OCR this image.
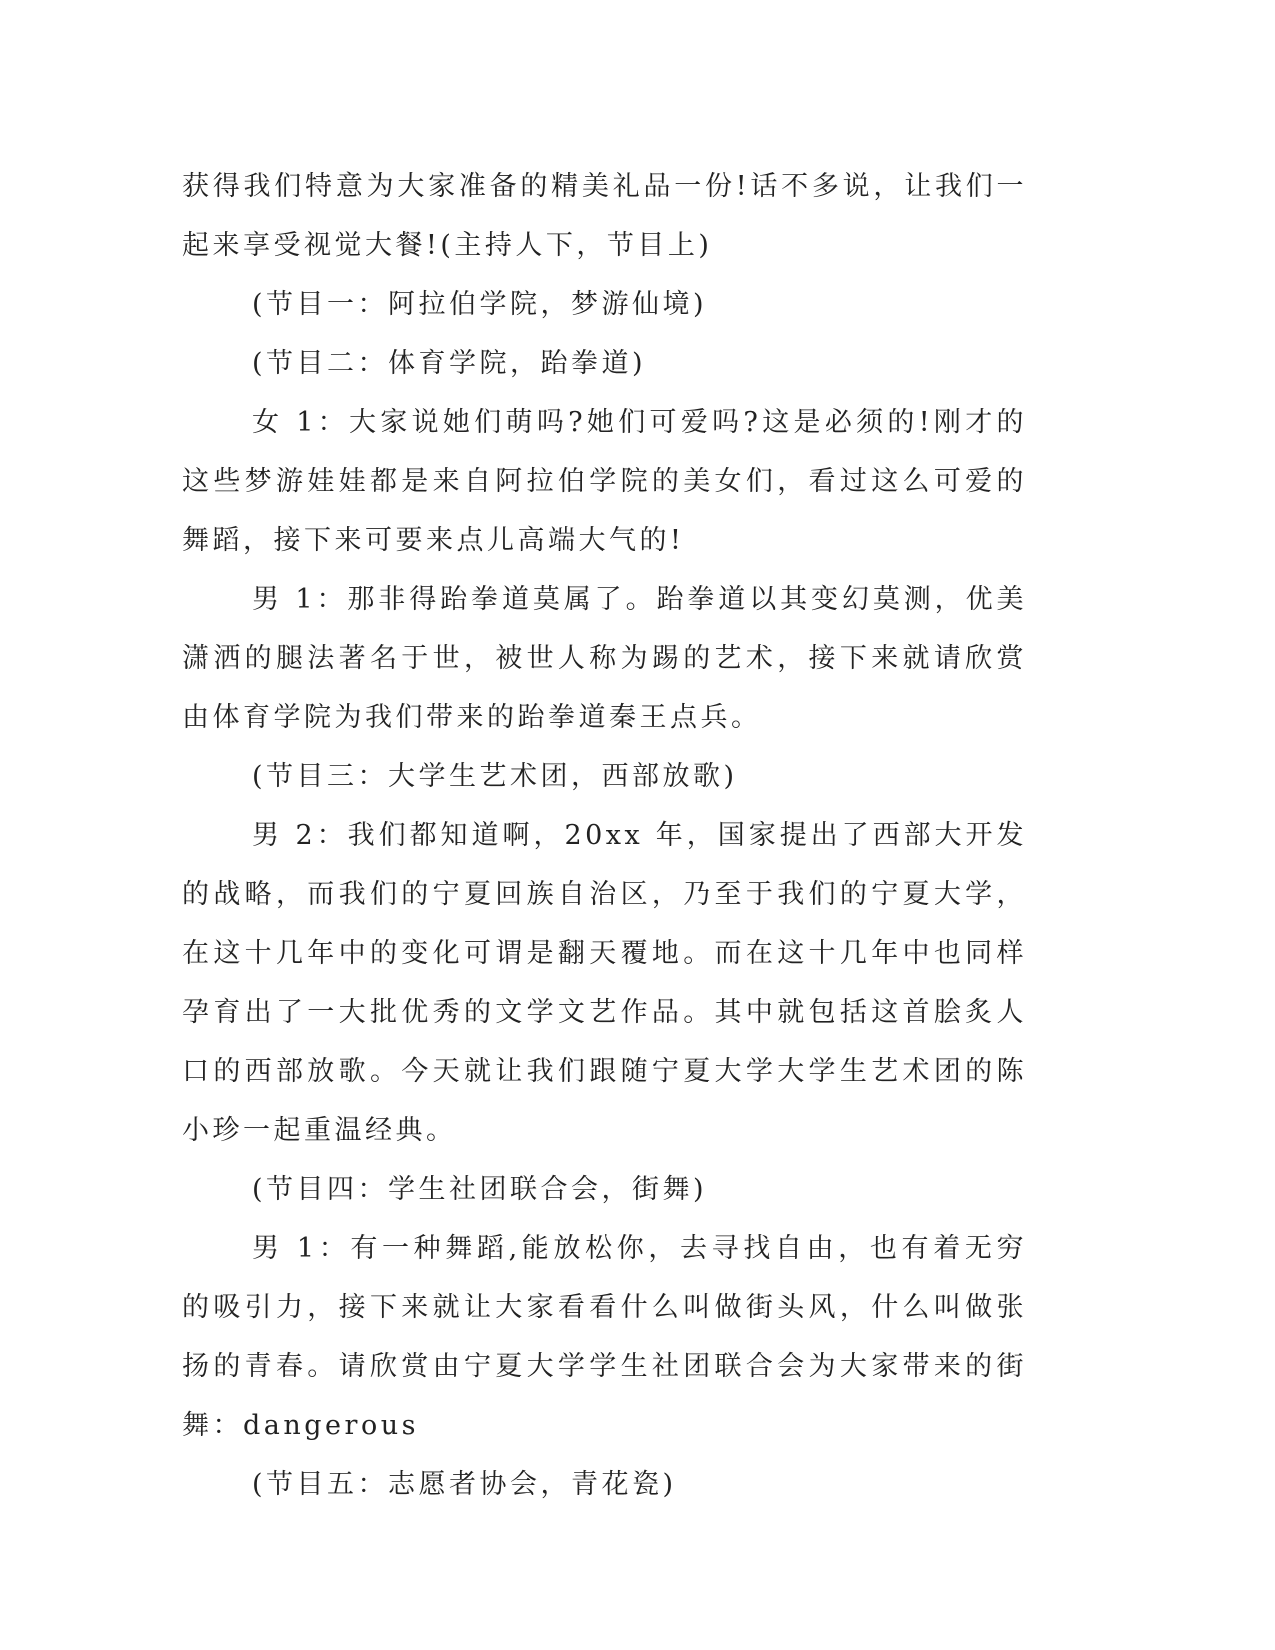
获得我们特意为大家准备的精美礼品一份!话不多说，让我们一起来享受视觉大餐!(主持人下，节目上)

(节目一：阿拉伯学院，梦游仙境)

(节目二：体育学院，跆拳道)

女 1：大家说她们萌吗?她们可爱吗?这是必须的!刚才的这些梦游娃娃都是来自阿拉伯学院的美女们，看过这么可爱的舞蹈，接下来可要来点儿高端大气的!

男 1：那非得跆拳道莫属了。跆拳道以其变幻莫测，优美潇洒的腿法著名于世，被世人称为踢的艺术，接下来就请欣赏由体育学院为我们带来的跆拳道秦王点兵。

(节目三：大学生艺术团，西部放歌)

男 2：我们都知道啊，20xx 年，国家提出了西部大开发的战略，而我们的宁夏回族自治区，乃至于我们的宁夏大学，在这十几年中的变化可谓是翻天覆地。而在这十几年中也同样孕育出了一大批优秀的文学文艺作品。其中就包括这首脍炙人口的西部放歌。今天就让我们跟随宁夏大学大学生艺术团的陈小珍一起重温经典。

(节目四：学生社团联合会，街舞)

男 1：有一种舞蹈,能放松你，去寻找自由，也有着无穷的吸引力，接下来就让大家看看什么叫做街头风，什么叫做张扬的青春。请欣赏由宁夏大学学生社团联合会为大家带来的街舞：dangerous

(节目五：志愿者协会，青花瓷)
